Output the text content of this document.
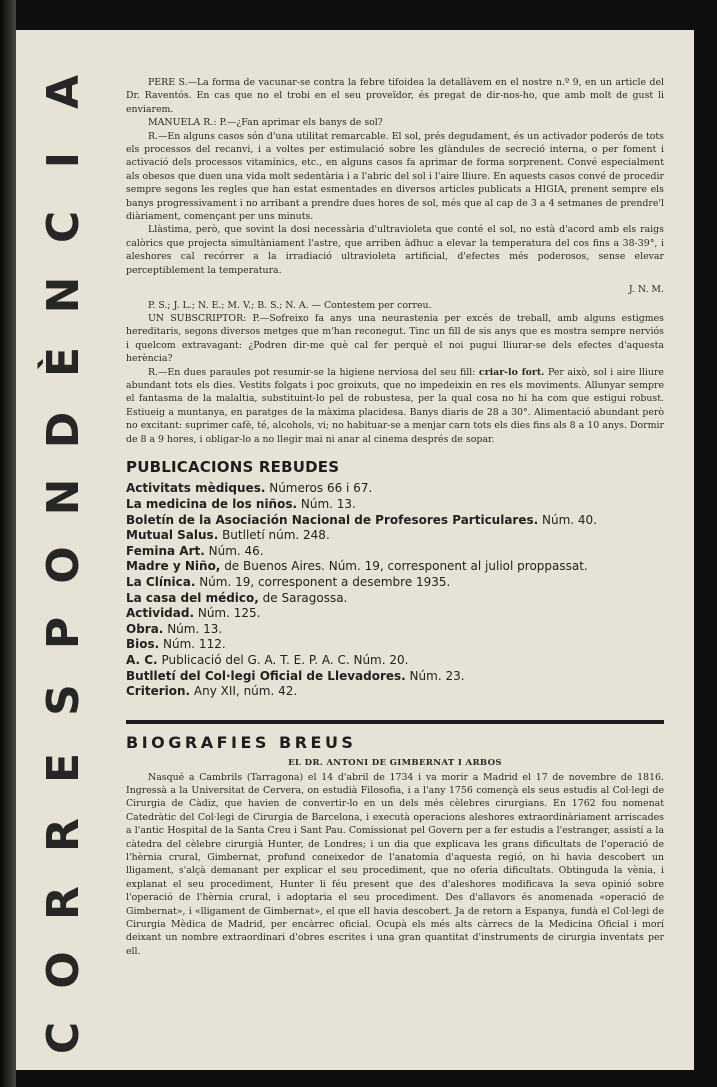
A
I
C
N
È
D
N
O
P
S
E
R
R
O
C

PERE S.—La forma de vacunar-se contra la febre tifoidea la detallàvem en el nostre n.º 9, en un article del Dr. Raventós. En cas que no el trobi en el seu proveïdor, és pregat de dir-nos-ho, que amb molt de gust li enviarem.

MANUELA R.: P.—¿Fan aprimar els banys de sol?

R.—En alguns casos són d'una utilitat remarcable. El sol, prés degudament, és un activador poderós de tots els processos del recanvi, i a voltes per estimulació sobre les glàndules de secreció interna, o per foment i activació dels processos vitamínics, etc., en alguns casos fa aprimar de forma sorprenent. Convé especialment als obesos que duen una vida molt sedentària i a l'abric del sol i l'aire lliure. En aquests casos convé de procedir sempre segons les regles que han estat esmentades en diversos articles publicats a HIGIA, prenent sempre els banys progressivament i no arribant a prendre dues hores de sol, més que al cap de 3 a 4 setmanes de prendre'l diàriament, començant per uns minuts.

Llàstima, però, que sovint la dosi necessària d'ultravioleta que conté el sol, no està d'acord amb els raigs calòrics que projecta simultàniament l'astre, que arriben àdhuc a elevar la temperatura del cos fins a 38-39°, i aleshores cal recórrer a la irradiació ultravioleta artificial, d'efectes més poderosos, sense elevar perceptiblement la temperatura.

J. N. M.

P. S.; J. L.; N. E.; M. V.; B. S.; N. A. — Contestem per correu.

UN SUBSCRIPTOR: P.—Sofreixo fa anys una neurastenia per excés de treball, amb alguns estigmes hereditaris, segons diversos metges que m'han reconegut. Tinc un fill de sis anys que es mostra sempre nerviós i quelcom extravagant: ¿Podren dir-me què cal fer perquè el noi pugui lliurar-se dels efectes d'aquesta herència?

R.—En dues paraules pot resumir-se la higiene nerviosa del seu fill: criar-lo fort. Per això, sol i aire lliure abundant tots els dies. Vestits folgats i poc groixuts, que no impedeixin en res els moviments. Allunyar sempre el fantasma de la malaltia, substituint-lo pel de robustesa, per la qual cosa no hi ha com que estigui robust. Estiueig a muntanya, en paratges de la màxima placidesa. Banys diaris de 28 a 30°. Alimentació abundant però no excitant: suprimer cafè, té, alcohols, vi; no habituar-se a menjar carn tots els dies fins als 8 a 10 anys. Dormir de 8 a 9 hores, i obligar-lo a no llegir mai ni anar al cinema després de sopar.

PUBLICACIONS REBUDES
Activitats mèdiques. Números 66 i 67.
La medicina de los niños. Núm. 13.
Boletín de la Asociación Nacional de Profesores Particulares. Núm. 40.
Mutual Salus. Butlletí núm. 248.
Femina Art. Núm. 46.
Madre y Niño, de Buenos Aires. Núm. 19, corresponent al juliol proppassat.
La Clínica. Núm. 19, corresponent a desembre 1935.
La casa del médico, de Saragossa.
Actividad. Núm. 125.
Obra. Núm. 13.
Bios. Núm. 112.
A. C. Publicació del G. A. T. E. P. A. C. Núm. 20.
Butlletí del Col·legi Oficial de Llevadores. Núm. 23.
Criterion. Any XII, núm. 42.
BIOGRAFIES BREUS

EL DR. ANTONI DE GIMBERNAT I ARBOS

Nasqué a Cambrils (Tarragona) el 14 d'abril de 1734 i va morir a Madrid el 17 de novembre de 1816. Ingressà a la Universitat de Cervera, on estudià Filosofia, i a l'any 1756 començà els seus estudis al Col·legi de Cirurgia de Càdiz, que havien de convertir-lo en un dels més cèlebres cirurgians. En 1762 fou nomenat Catedràtic del Col·legi de Cirurgia de Barcelona, i executà operacions aleshores extraordinàriament arriscades a l'antic Hospital de la Santa Creu i Sant Pau. Comissionat pel Govern per a fer estudis a l'estranger, assistí a la càtedra del cèlebre cirurgià Hunter, de Londres; i un dia que explicava les grans dificultats de l'operació de l'hèrnia crural, Gimbernat, profund coneixedor de l'anatomia d'aquesta regió, on hi havia descobert un lligament, s'alçà demanant per explicar el seu procediment, que no oferia dificultats. Obtinguda la vènia, i explanat el seu procediment, Hunter li féu present que des d'aleshores modificava la seva opinió sobre l'operació de l'hèrnia crural, i adoptaria el seu procediment. Des d'allavors és anomenada «operació de Gimbernat», i «lligament de Gimbernat», el que ell havia descobert. Ja de retorn a Espanya, fundà el Col·legi de Cirurgia Mèdica de Madrid, per encàrrec oficial. Ocupà els més alts càrrecs de la Medicina Oficial i morí deixant un nombre extraordinari d'obres escrites i una gran quantitat d'instruments de cirurgia inventats per ell.
